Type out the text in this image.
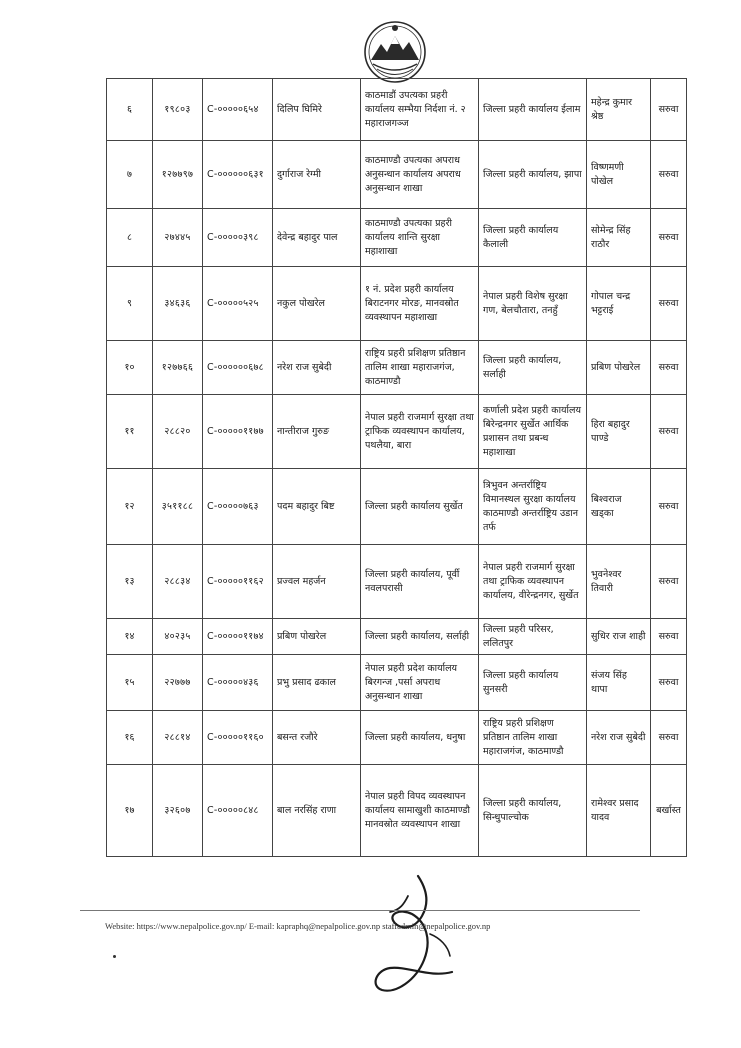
६	१९८०३	C-०००००६५४	दिलिप घिमिरे	काठमाडौं उपत्यका प्रहरी कार्यालय सम्भैया निर्दशा नं. २ महाराजगञ्ज	जिल्ला प्रहरी कार्यालय ईलाम	महेन्द्र कुमार श्रेष्ठ	सरुवा
७	१२७७९७	C-००००००६३१	दुर्गाराज रेग्मी	काठमाण्डौ उपत्यका अपराध अनुसन्धान कार्यालय अपराध अनुसन्धान शाखा	जिल्ला प्रहरी कार्यालय, झापा	विष्णमणी पोखेल	सरुवा
८	२७४४५	C-०००००३९८	देवेन्द्र बहादुर पाल	काठमाण्डौ उपत्यका प्रहरी कार्यालय शान्ति सुरक्षा महाशाखा	जिल्ला प्रहरी कार्यालय कैलाली	सोमेन्द्र सिंह राठौर	सरुवा
९	३४६३६	C-०००००५२५	नकुल पोखरेल	१ नं. प्रदेश प्रहरी कार्यालय बिराटनगर मोरङ, मानवस्रोत व्यवस्थापन महाशाखा	नेपाल प्रहरी विशेष सुरक्षा गण, बेलचौतारा, तनहुँ	गोपाल चन्द्र भट्टराई	सरुवा
१०	१२७७६६	C-००००००६७८	नरेश राज सुबेदी	राष्ट्रिय प्रहरी प्रशिक्षण प्रतिष्ठान तालिम शाखा महाराजगंज, काठमाण्डौ	जिल्ला प्रहरी कार्यालय, सर्लाही	प्रबिण पोखरेल	सरुवा
११	२८८२०	C-०००००११७७	नान्तीराज गुरुङ	नेपाल प्रहरी राजमार्ग सुरक्षा तथा ट्राफिक व्यवस्थापन कार्यालय, पथलैया, बारा	कर्णाली प्रदेश प्रहरी कार्यालय बिरेन्द्रनगर सुर्खेत आर्थिक प्रशासन तथा प्रबन्ध महाशाखा	हिरा बहादुर पाण्डे	सरुवा
१२	३५११८८	C-०००००७६३	पदम बहादुर बिष्ट	जिल्ला प्रहरी कार्यालय सुर्खेत	त्रिभुवन अन्तर्राष्ट्रिय विमानस्थल सुरक्षा कार्यालय काठमाण्डौ अन्तर्राष्ट्रिय उडान तर्फ	बिश्वराज खड्का	सरुवा
१३	२८८३४	C-०००००११६२	प्रज्वल महर्जन	जिल्ला प्रहरी कार्यालय, पूर्वी नवलपरासी	नेपाल प्रहरी राजमार्ग सुरक्षा तथा ट्राफिक व्यवस्थापन कार्यालय, वीरेन्द्रनगर, सुर्खेत	भुवनेश्वर तिवारी	सरुवा
१४	४०२३५	C-०००००११७४	प्रबिण पोखरेल	जिल्ला प्रहरी कार्यालय, सर्लाही	जिल्ला प्रहरी परिसर, ललितपुर	सुधिर राज शाही	सरुवा
१५	२२७७७	C-०००००४३६	प्रभु प्रसाद ढकाल	नेपाल प्रहरी प्रदेश कार्यालय बिरगन्ज ,पर्सा अपराध अनुसन्धान शाखा	जिल्ला प्रहरी कार्यालय सुनसरी	संजय सिंह थापा	सरुवा
१६	२८८१४	C-०००००११६०	बसन्त रजौरे	जिल्ला प्रहरी कार्यालय, धनुषा	राष्ट्रिय प्रहरी प्रशिक्षण प्रतिष्ठान तालिम शाखा महाराजगंज, काठमाण्डौ	नरेश राज सुबेदी	सरुवा
१७	३२६०७	C-०००००८४८	बाल नरसिंह राणा	नेपाल प्रहरी विपद व्यवस्थापन कार्यालय सामाखुशी काठमाण्डौ मानवस्रोत व्यवस्थापन शाखा	जिल्ला प्रहरी कार्यालय, सिन्धुपाल्चोक	रामेश्वर प्रसाद यादव	बर्खास्त
Website: https://www.nepalpolice.gov.np/ E-mail: kapraphq@nepalpolice.gov.np staffadmin@nepalpolice.gov.np
